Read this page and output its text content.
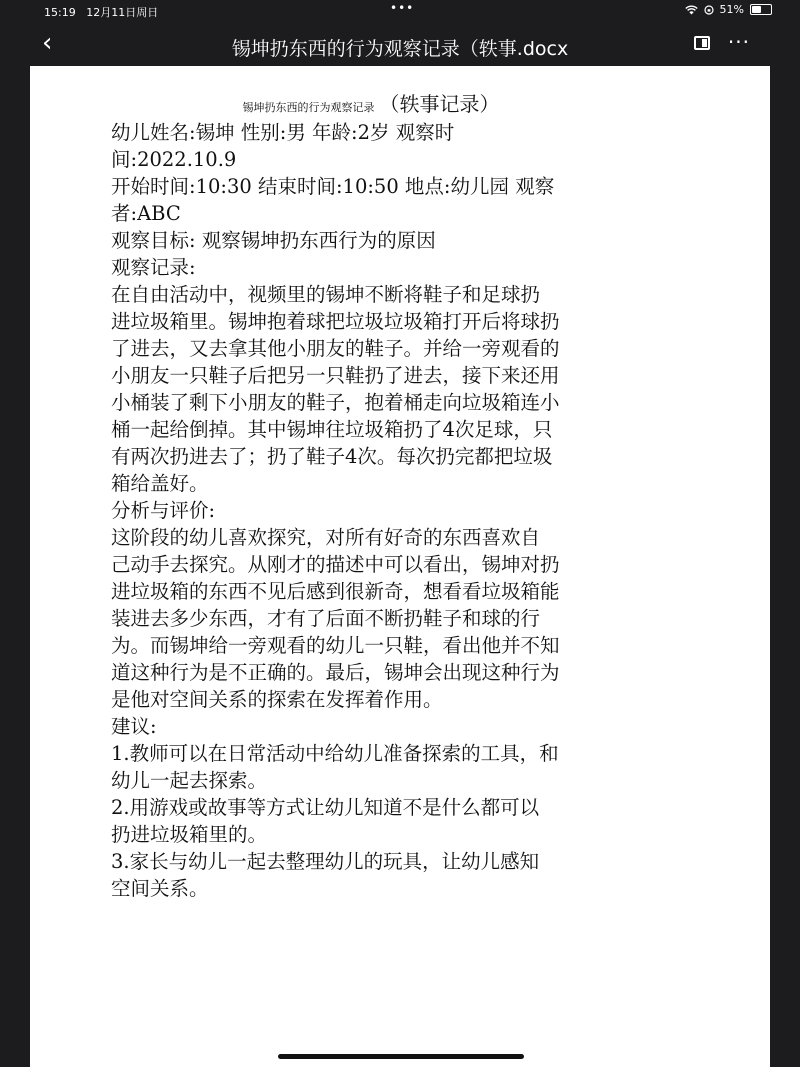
15:19 12月11日周日	•••	51%
‹	锡坤扔东西的行为观察记录（轶事.docx	···
锡坤扔东西的行为观察记录 （轶事记录）
幼儿姓名:锡坤 性别:男 年龄:2岁 观察时
间:2022.10.9
开始时间:10:30 结束时间:10:50 地点:幼儿园 观察
者:ABC
观察目标: 观察锡坤扔东西行为的原因
观察记录:
在自由活动中，视频里的锡坤不断将鞋子和足球扔
进垃圾箱里。锡坤抱着球把垃圾垃圾箱打开后将球扔
了进去，又去拿其他小朋友的鞋子。并给一旁观看的
小朋友一只鞋子后把另一只鞋扔了进去，接下来还用
小桶装了剩下小朋友的鞋子，抱着桶走向垃圾箱连小
桶一起给倒掉。其中锡坤往垃圾箱扔了4次足球，只
有两次扔进去了；扔了鞋子4次。每次扔完都把垃圾
箱给盖好。
分析与评价:
这阶段的幼儿喜欢探究，对所有好奇的东西喜欢自
己动手去探究。从刚才的描述中可以看出，锡坤对扔
进垃圾箱的东西不见后感到很新奇，想看看垃圾箱能
装进去多少东西，才有了后面不断扔鞋子和球的行
为。而锡坤给一旁观看的幼儿一只鞋，看出他并不知
道这种行为是不正确的。最后，锡坤会出现这种行为
是他对空间关系的探索在发挥着作用。
建议:
1.教师可以在日常活动中给幼儿准备探索的工具，和
幼儿一起去探索。
2.用游戏或故事等方式让幼儿知道不是什么都可以
扔进垃圾箱里的。
3.家长与幼儿一起去整理幼儿的玩具，让幼儿感知
空间关系。
